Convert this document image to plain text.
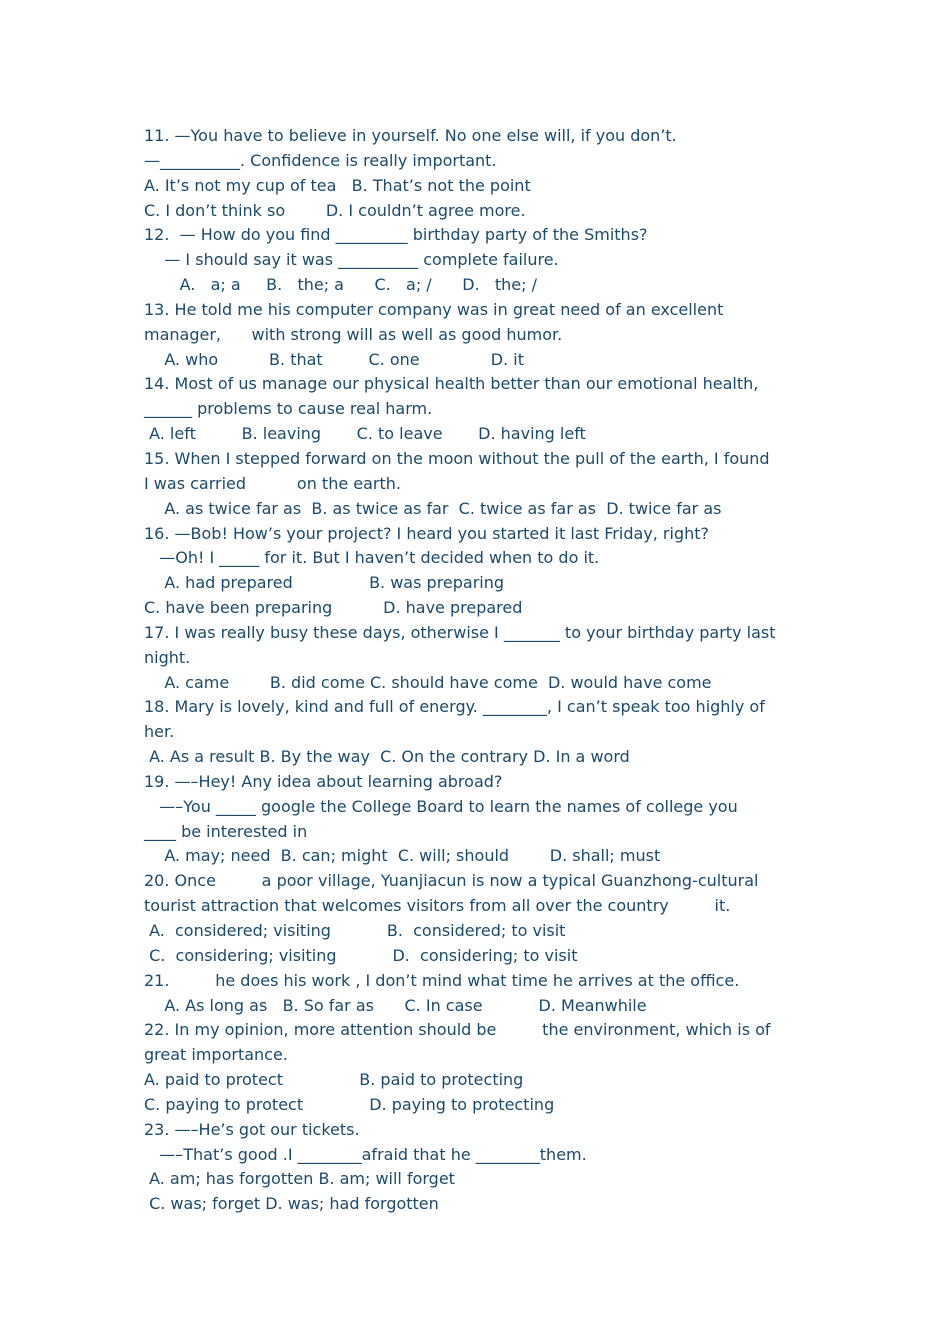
11. —You have to believe in yourself. No one else will, if you don’t.

—__________. Confidence is really important.

A. It’s not my cup of tea   B. That’s not the point

C. I don’t think so        D. I couldn’t agree more.

12.  — How do you find _________ birthday party of the Smiths?

— I should say it was __________ complete failure.

A.   a; a     B.   the; a      C.   a; /      D.   the; /

13. He told me his computer company was in great need of an excellent

manager,      with strong will as well as good humor.

A. who          B. that         C. one              D. it

14. Most of us manage our physical health better than our emotional health,

______ problems to cause real harm.

A. left         B. leaving       C. to leave       D. having left

15. When I stepped forward on the moon without the pull of the earth, I found

I was carried          on the earth.

A. as twice far as  B. as twice as far  C. twice as far as  D. twice far as

16. —Bob! How’s your project? I heard you started it last Friday, right?

—Oh! I _____ for it. But I haven’t decided when to do it.

A. had prepared               B. was preparing

C. have been preparing          D. have prepared

17. I was really busy these days, otherwise I _______ to your birthday party last

night.

A. came        B. did come C. should have come  D. would have come

18. Mary is lovely, kind and full of energy. ________, I can’t speak too highly of

her.

A. As a result B. By the way  C. On the contrary D. In a word

19. —–Hey! Any idea about learning abroad?

—–You _____ google the College Board to learn the names of college you

____ be interested in

A. may; need  B. can; might  C. will; should        D. shall; must

20. Once         a poor village, Yuanjiacun is now a typical Guanzhong-cultural

tourist attraction that welcomes visitors from all over the country         it.

A.  considered; visiting           B.  considered; to visit

C.  considering; visiting           D.  considering; to visit

21.         he does his work , I don’t mind what time he arrives at the office.

A. As long as   B. So far as      C. In case           D. Meanwhile

22. In my opinion, more attention should be         the environment, which is of

great importance.

A. paid to protect               B. paid to protecting

C. paying to protect             D. paying to protecting

23. —–He’s got our tickets.

—–That’s good .I ________afraid that he ________them.

A. am; has forgotten B. am; will forget

C. was; forget D. was; had forgotten
